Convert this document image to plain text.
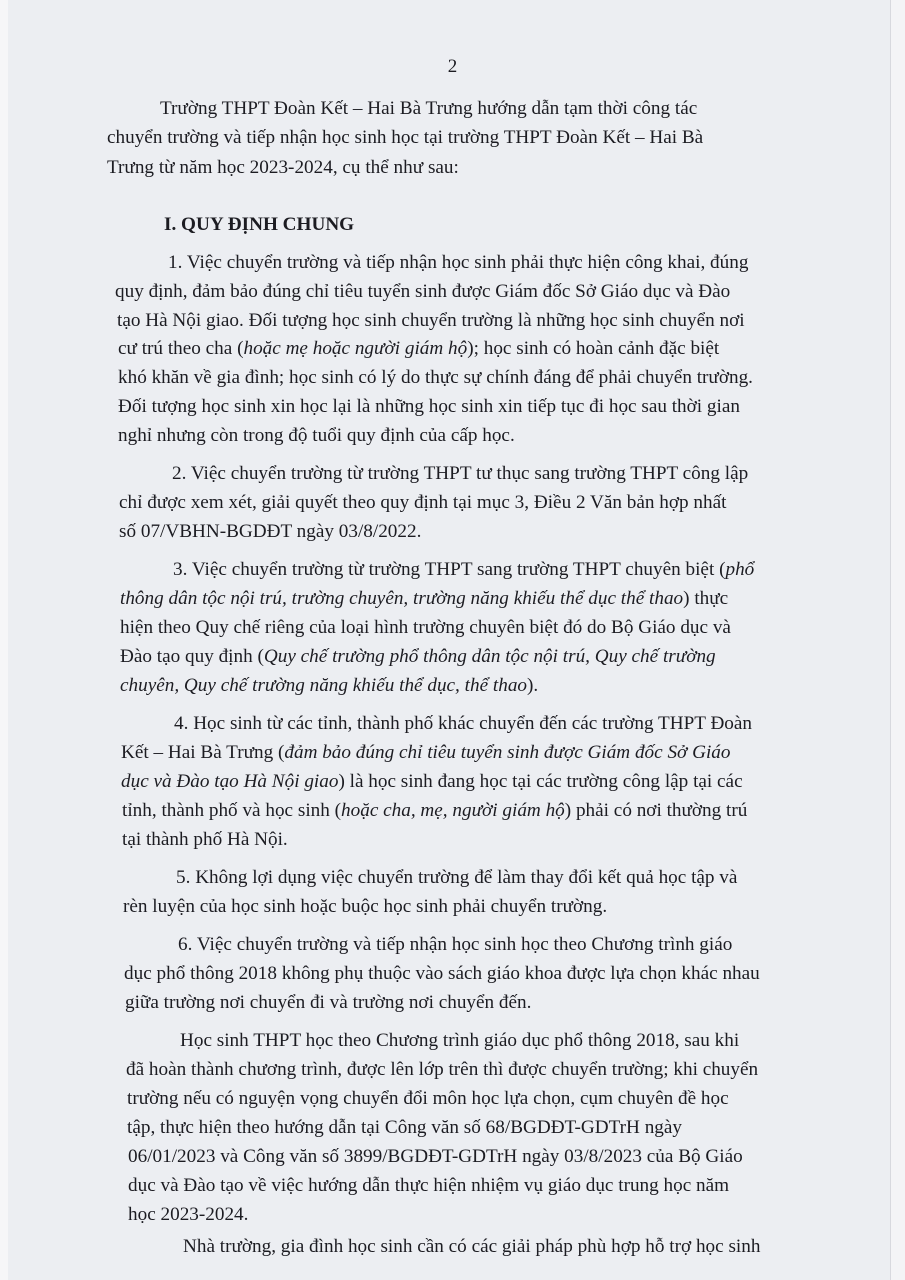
2
Trường THPT Đoàn Kết – Hai Bà Trưng hướng dẫn tạm thời công tác
chuyển trường và tiếp nhận học sinh học tại trường THPT Đoàn Kết – Hai Bà
Trưng từ năm học 2023-2024, cụ thể như sau:
I. QUY ĐỊNH CHUNG
1. Việc chuyển trường và tiếp nhận học sinh phải thực hiện công khai, đúng
quy định, đảm bảo đúng chỉ tiêu tuyển sinh được Giám đốc Sở Giáo dục và Đào
tạo Hà Nội giao. Đối tượng học sinh chuyển trường là những học sinh chuyển nơi
cư trú theo cha (hoặc mẹ hoặc người giám hộ); học sinh có hoàn cảnh đặc biệt
khó khăn về gia đình; học sinh có lý do thực sự chính đáng để phải chuyển trường.
Đối tượng học sinh xin học lại là những học sinh xin tiếp tục đi học sau thời gian
nghỉ nhưng còn trong độ tuổi quy định của cấp học.
2. Việc chuyển trường từ trường THPT tư thục sang trường THPT công lập
chỉ được xem xét, giải quyết theo quy định tại mục 3, Điều 2 Văn bản hợp nhất
số 07/VBHN-BGDĐT ngày 03/8/2022.
3. Việc chuyển trường từ trường THPT sang trường THPT chuyên biệt (phổ
thông dân tộc nội trú, trường chuyên, trường năng khiếu thể dục thể thao) thực
hiện theo Quy chế riêng của loại hình trường chuyên biệt đó do Bộ Giáo dục và
Đào tạo quy định (Quy chế trường phổ thông dân tộc nội trú, Quy chế trường
chuyên, Quy chế trường năng khiếu thể dục, thể thao).
4. Học sinh từ các tỉnh, thành phố khác chuyển đến các trường THPT Đoàn
Kết – Hai Bà Trưng (đảm bảo đúng chỉ tiêu tuyển sinh được Giám đốc Sở Giáo
dục và Đào tạo Hà Nội giao) là học sinh đang học tại các trường công lập tại các
tỉnh, thành phố và học sinh (hoặc cha, mẹ, người giám hộ) phải có nơi thường trú
tại thành phố Hà Nội.
5. Không lợi dụng việc chuyển trường để làm thay đổi kết quả học tập và
rèn luyện của học sinh hoặc buộc học sinh phải chuyển trường.
6. Việc chuyển trường và tiếp nhận học sinh học theo Chương trình giáo
dục phổ thông 2018 không phụ thuộc vào sách giáo khoa được lựa chọn khác nhau
giữa trường nơi chuyển đi và trường nơi chuyển đến.
Học sinh THPT học theo Chương trình giáo dục phổ thông 2018, sau khi
đã hoàn thành chương trình, được lên lớp trên thì được chuyển trường; khi chuyển
trường nếu có nguyện vọng chuyển đổi môn học lựa chọn, cụm chuyên đề học
tập, thực hiện theo hướng dẫn tại Công văn số 68/BGDĐT-GDTrH ngày
06/01/2023 và Công văn số 3899/BGDĐT-GDTrH ngày 03/8/2023 của Bộ Giáo
dục và Đào tạo về việc hướng dẫn thực hiện nhiệm vụ giáo dục trung học năm
học 2023-2024.
Nhà trường, gia đình học sinh cần có các giải pháp phù hợp hỗ trợ học sinh
